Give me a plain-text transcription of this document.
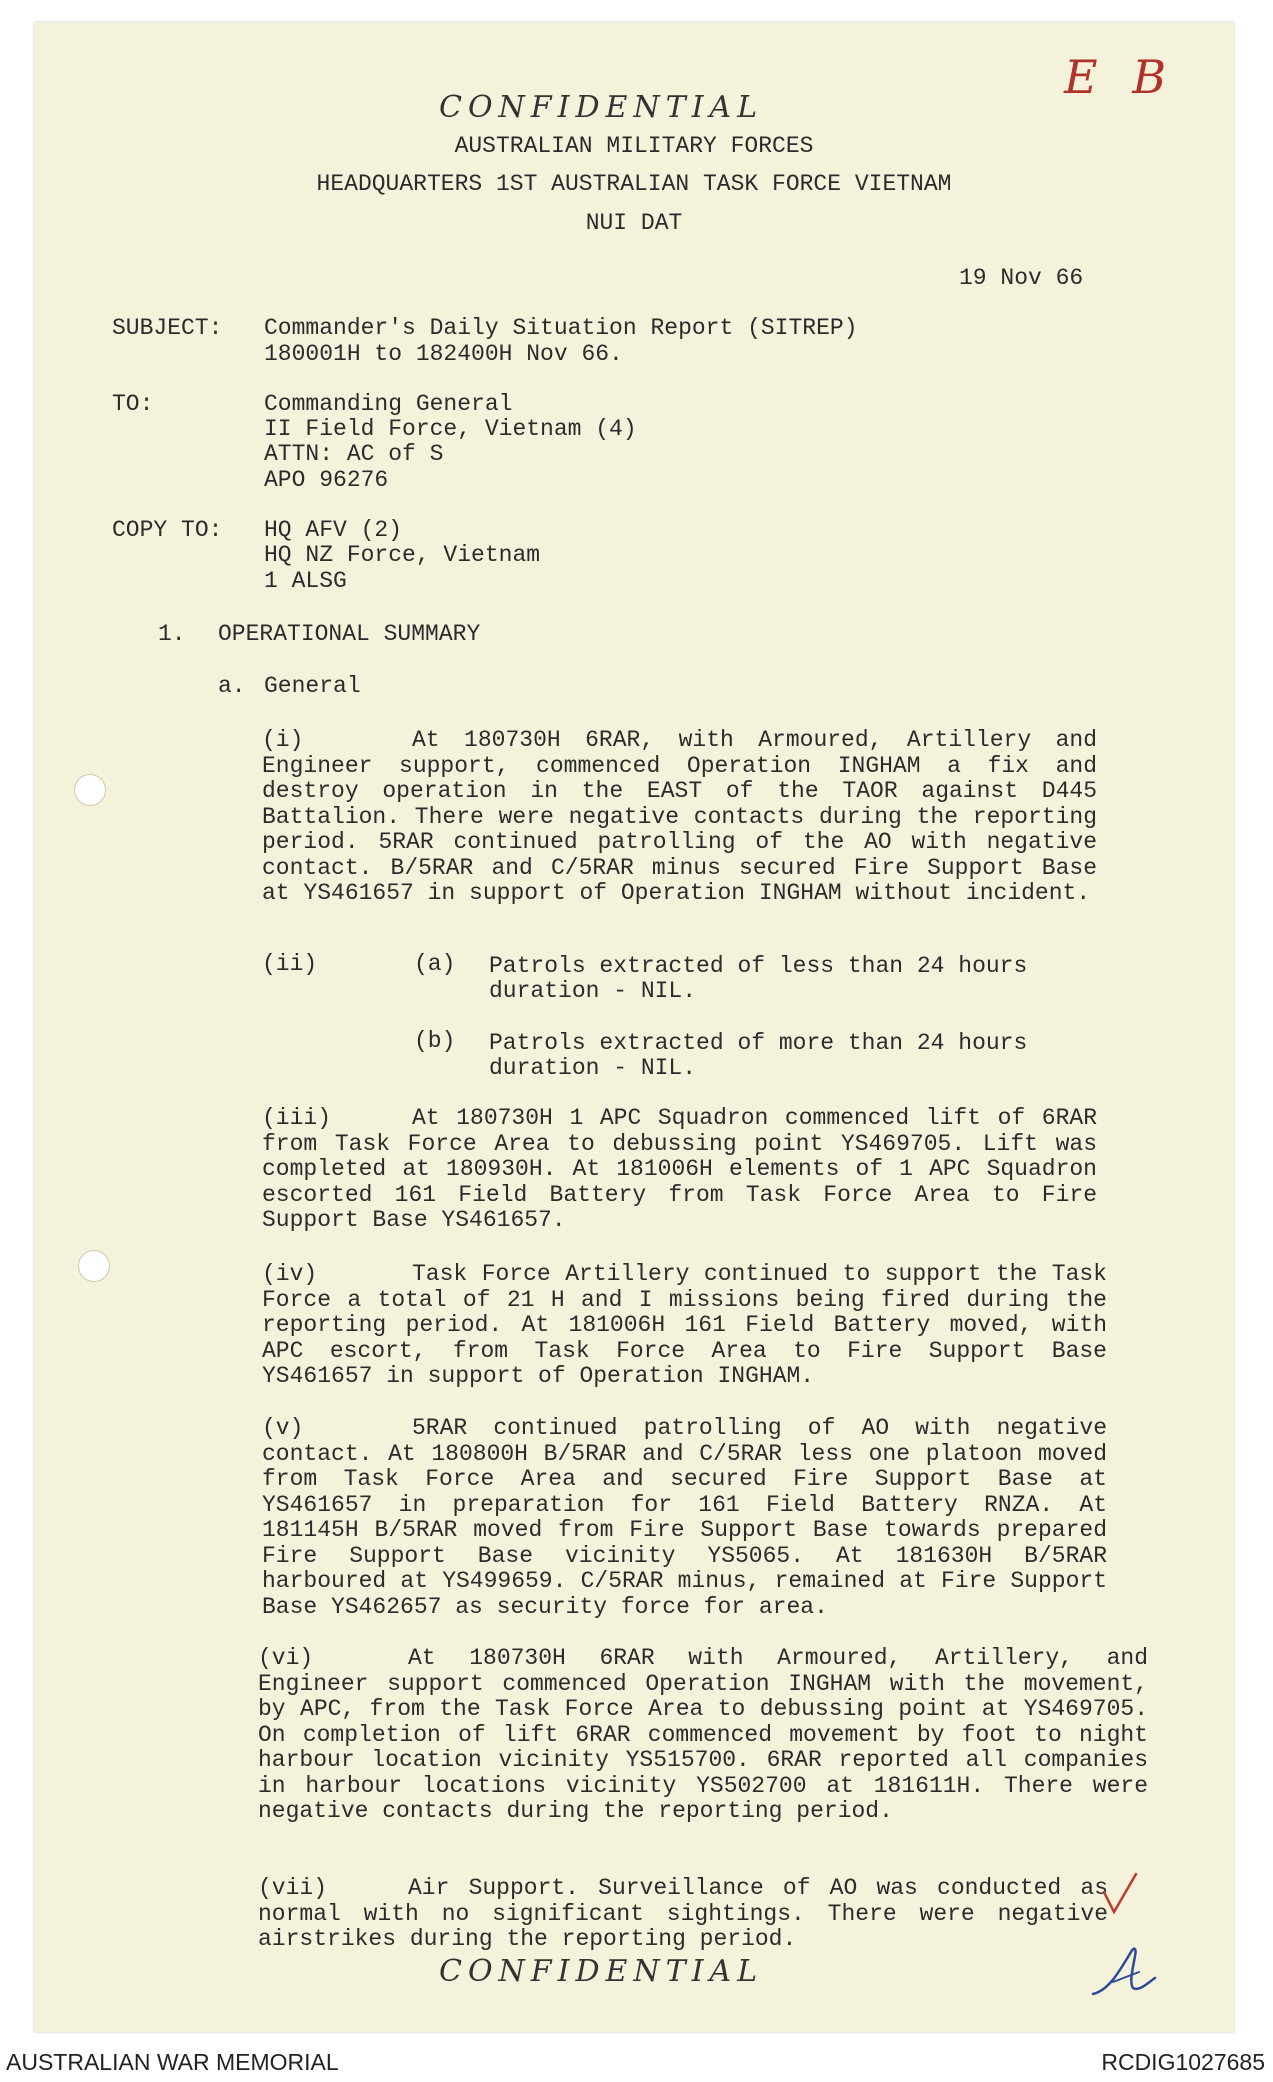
E B
CONFIDENTIAL
AUSTRALIAN MILITARY FORCES
HEADQUARTERS 1ST AUSTRALIAN TASK FORCE VIETNAM
NUI DAT
19 Nov 66
SUBJECT: Commander's Daily Situation Report (SITREP)
180001H to 182400H Nov 66.
TO:	Commanding General
II Field Force, Vietnam (4)
ATTN: AC of S
APO 96276
COPY TO: HQ AFV (2)
HQ NZ Force, Vietnam
1 ALSG
1. OPERATIONAL SUMMARY
a. General
(i)	At 180730H 6RAR, with Armoured, Artillery and Engineer support, commenced Operation INGHAM a fix and destroy operation in the EAST of the TAOR against D445 Battalion. There were negative contacts during the reporting period. 5RAR continued patrolling of the AO with negative contact. B/5RAR and C/5RAR minus secured Fire Support Base at YS461657 in support of Operation INGHAM without incident.
(ii)	(a) Patrols extracted of less than 24 hours
duration - NIL.
(b) Patrols extracted of more than 24 hours
duration - NIL.
(iii)	At 180730H 1 APC Squadron commenced lift of 6RAR from Task Force Area to debussing point YS469705. Lift was completed at 180930H. At 181006H elements of 1 APC Squadron escorted 161 Field Battery from Task Force Area to Fire Support Base YS461657.
(iv)	Task Force Artillery continued to support the Task Force a total of 21 H and I missions being fired during the reporting period. At 181006H 161 Field Battery moved, with APC escort, from Task Force Area to Fire Support Base YS461657 in support of Operation INGHAM.
(v)	5RAR continued patrolling of AO with negative contact. At 180800H B/5RAR and C/5RAR less one platoon moved from Task Force Area and secured Fire Support Base at YS461657 in preparation for 161 Field Battery RNZA. At 181145H B/5RAR moved from Fire Support Base towards prepared Fire Support Base vicinity YS5065. At 181630H B/5RAR harboured at YS499659. C/5RAR minus, remained at Fire Support Base YS462657 as security force for area.
(vi)	At 180730H 6RAR with Armoured, Artillery, and Engineer support commenced Operation INGHAM with the movement, by APC, from the Task Force Area to debussing point at YS469705. On completion of lift 6RAR commenced movement by foot to night harbour location vicinity YS515700. 6RAR reported all companies in harbour locations vicinity YS502700 at 181611H. There were negative contacts during the reporting period.
(vii)	Air Support. Surveillance of AO was conducted as normal with no significant sightings. There were negative airstrikes during the reporting period.
CONFIDENTIAL
AUSTRALIAN WAR MEMORIAL	RCDIG1027685
